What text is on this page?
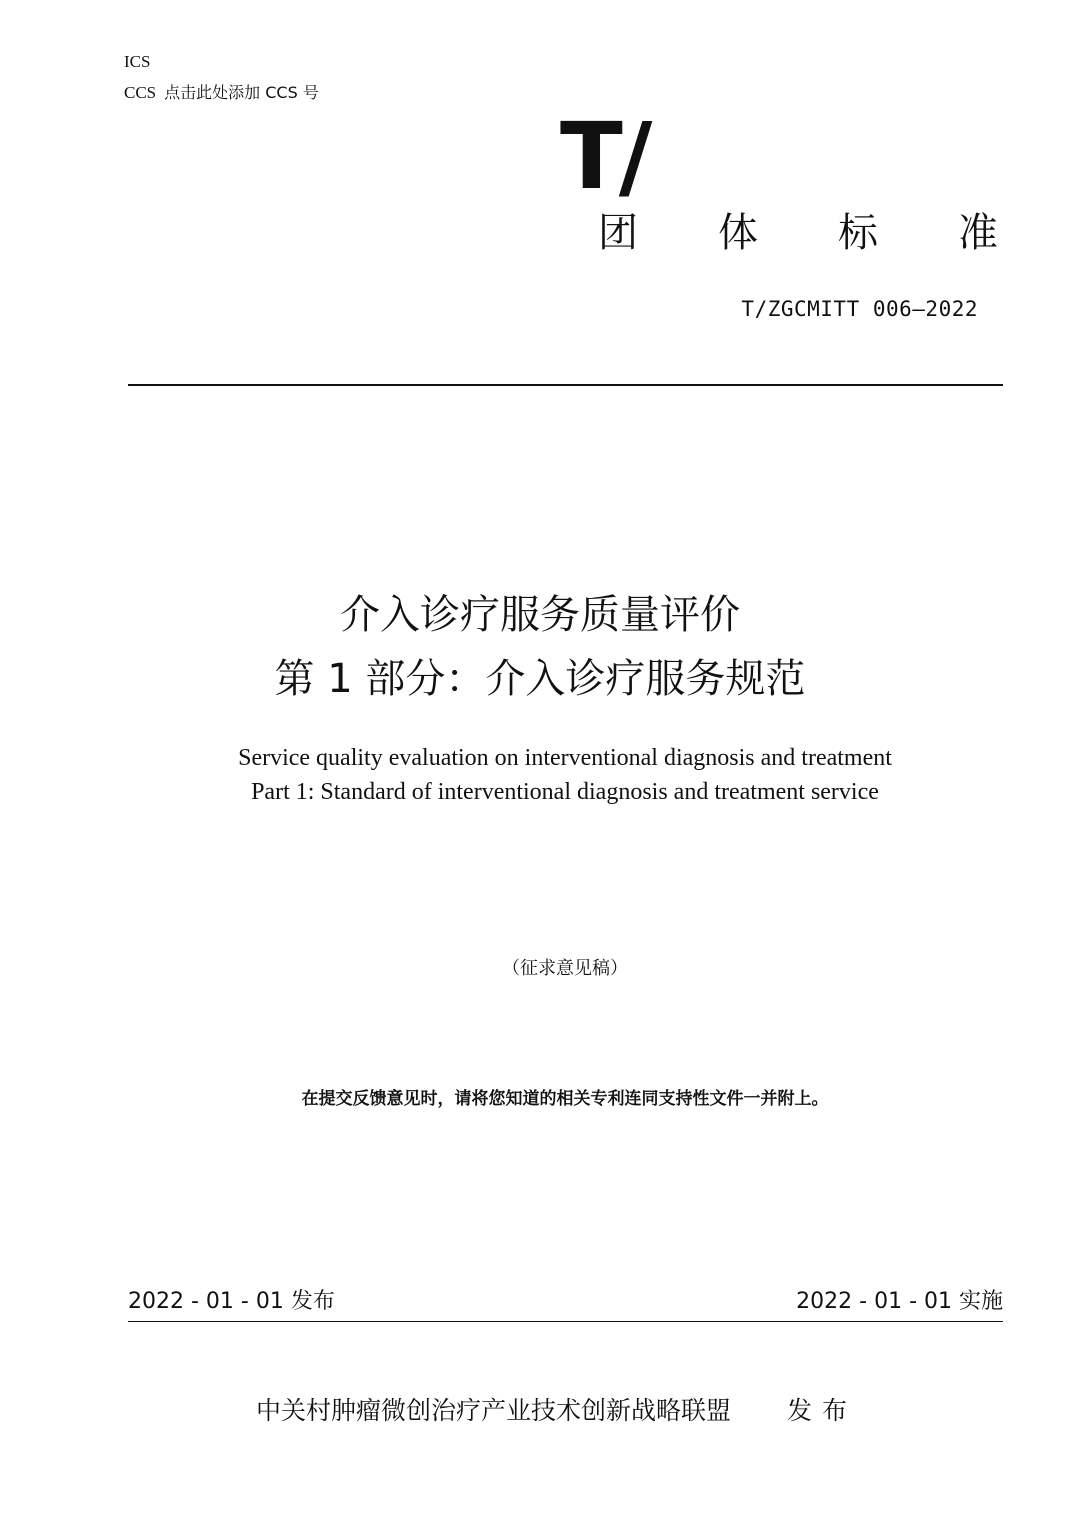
ICS
CCS 点击此处添加 CCS 号
T/
团 体 标 准
T/ZGCMITT 006—2022
介入诊疗服务质量评价
第 1 部分：介入诊疗服务规范
Service quality evaluation on interventional diagnosis and treatment
Part 1: Standard of interventional diagnosis and treatment service
（征求意见稿）
在提交反馈意见时，请将您知道的相关专利连同支持性文件一并附上。
2022 - 01 - 01 发布	2022 - 01 - 01 实施
中关村肿瘤微创治疗产业技术创新战略联盟 发布
